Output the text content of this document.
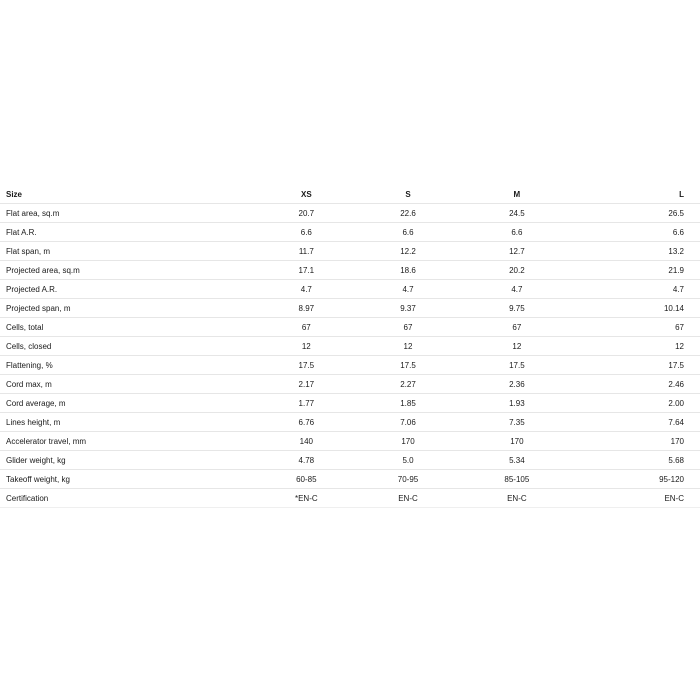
Size	XS	S	M	L
Flat area, sq.m	20.7	22.6	24.5	26.5
Flat A.R.	6.6	6.6	6.6	6.6
Flat span, m	11.7	12.2	12.7	13.2
Projected area, sq.m	17.1	18.6	20.2	21.9
Projected A.R.	4.7	4.7	4.7	4.7
Projected span, m	8.97	9.37	9.75	10.14
Cells, total	67	67	67	67
Cells, closed	12	12	12	12
Flattening, %	17.5	17.5	17.5	17.5
Cord max, m	2.17	2.27	2.36	2.46
Cord average, m	1.77	1.85	1.93	2.00
Lines height, m	6.76	7.06	7.35	7.64
Accelerator travel, mm	140	170	170	170
Glider weight, kg	4.78	5.0	5.34	5.68
Takeoff weight, kg	60-85	70-95	85-105	95-120
Certification	*EN-C	EN-C	EN-C	EN-C
